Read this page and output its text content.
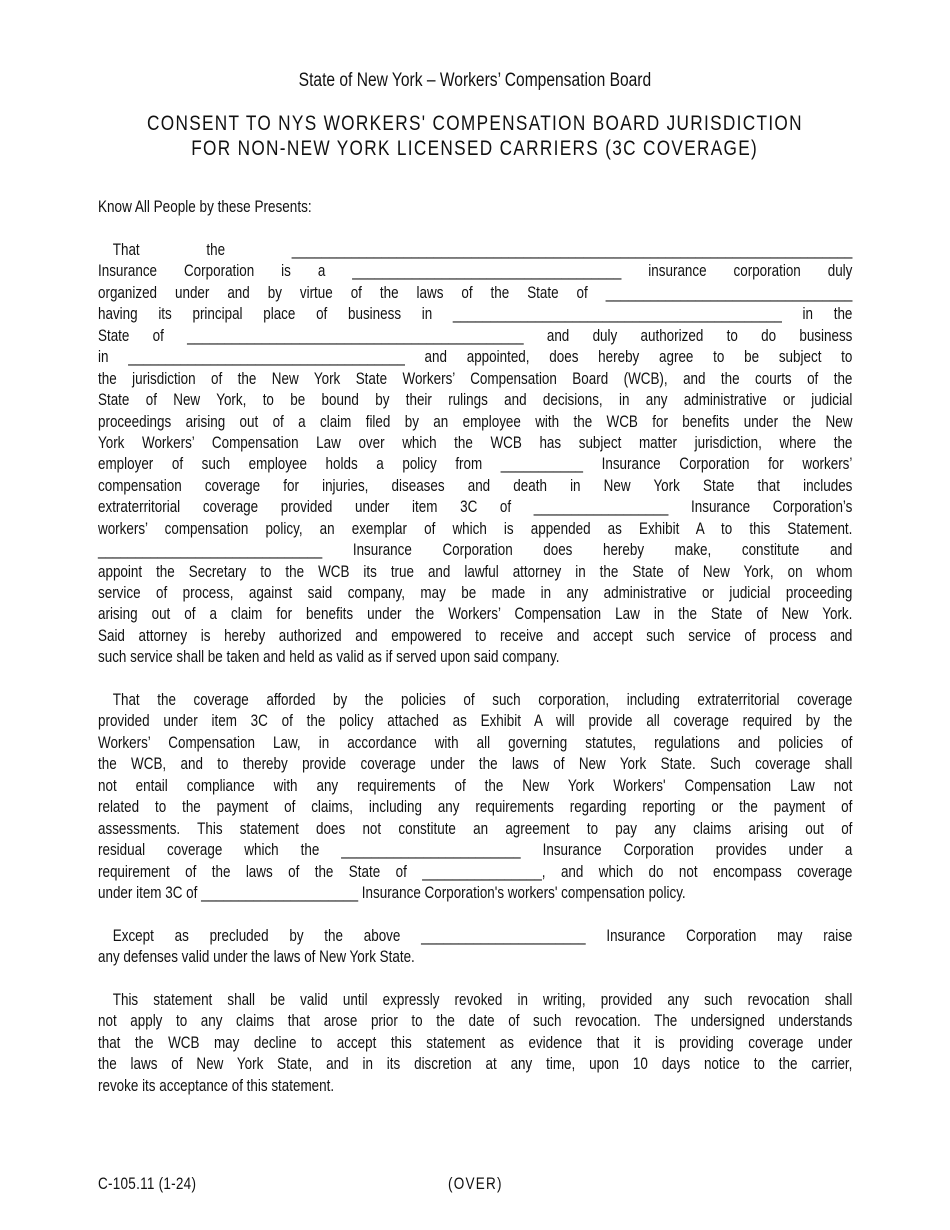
State of New York – Workers’ Compensation Board
CONSENT TO NYS WORKERS' COMPENSATION BOARD JURISDICTION
FOR NON-NEW YORK LICENSED CARRIERS (3C COVERAGE)
Know All People by these Presents:
That the ___________________________________________________________________________
Insurance Corporation is a ____________________________________ insurance corporation duly
organized under and by virtue of the laws of the State of _________________________________
having its principal place of business in ____________________________________________ in the
State of _____________________________________________ and duly authorized to do business
in _____________________________________ and appointed, does hereby agree to be subject to
the jurisdiction of the New York State Workers’ Compensation Board (WCB), and the courts of the
State of New York, to be bound by their rulings and decisions, in any administrative or judicial
proceedings arising out of a claim filed by an employee with the WCB for benefits under the New
York Workers’ Compensation Law over which the WCB has subject matter jurisdiction, where the
employer of such employee holds a policy from ___________ Insurance Corporation for workers’
compensation coverage for injuries, diseases and death in New York State that includes
extraterritorial coverage provided under item 3C of __________________ Insurance Corporation’s
workers’ compensation policy, an exemplar of which is appended as Exhibit A to this Statement.
______________________________ Insurance Corporation does hereby make, constitute and
appoint the Secretary to the WCB its true and lawful attorney in the State of New York, on whom
service of process, against said company, may be made in any administrative or judicial proceeding
arising out of a claim for benefits under the Workers’ Compensation Law in the State of New York.
Said attorney is hereby authorized and empowered to receive and accept such service of process and
such service shall be taken and held as valid as if served upon said company.
That the coverage afforded by the policies of such corporation, including extraterritorial coverage
provided under item 3C of the policy attached as Exhibit A will provide all coverage required by the
Workers’ Compensation Law, in accordance with all governing statutes, regulations and policies of
the WCB, and to thereby provide coverage under the laws of New York State. Such coverage shall
not entail compliance with any requirements of the New York Workers' Compensation Law not
related to the payment of claims, including any requirements regarding reporting or the payment of
assessments. This statement does not constitute an agreement to pay any claims arising out of
residual coverage which the ________________________ Insurance Corporation provides under a
requirement of the laws of the State of ________________, and which do not encompass coverage
under item 3C of _____________________ Insurance Corporation's workers' compensation policy.
Except as precluded by the above ______________________ Insurance Corporation may raise
any defenses valid under the laws of New York State.
This statement shall be valid until expressly revoked in writing, provided any such revocation shall
not apply to any claims that arose prior to the date of such revocation. The undersigned understands
that the WCB may decline to accept this statement as evidence that it is providing coverage under
the laws of New York State, and in its discretion at any time, upon 10 days notice to the carrier,
revoke its acceptance of this statement.
C-105.11 (1-24)	(OVER)
